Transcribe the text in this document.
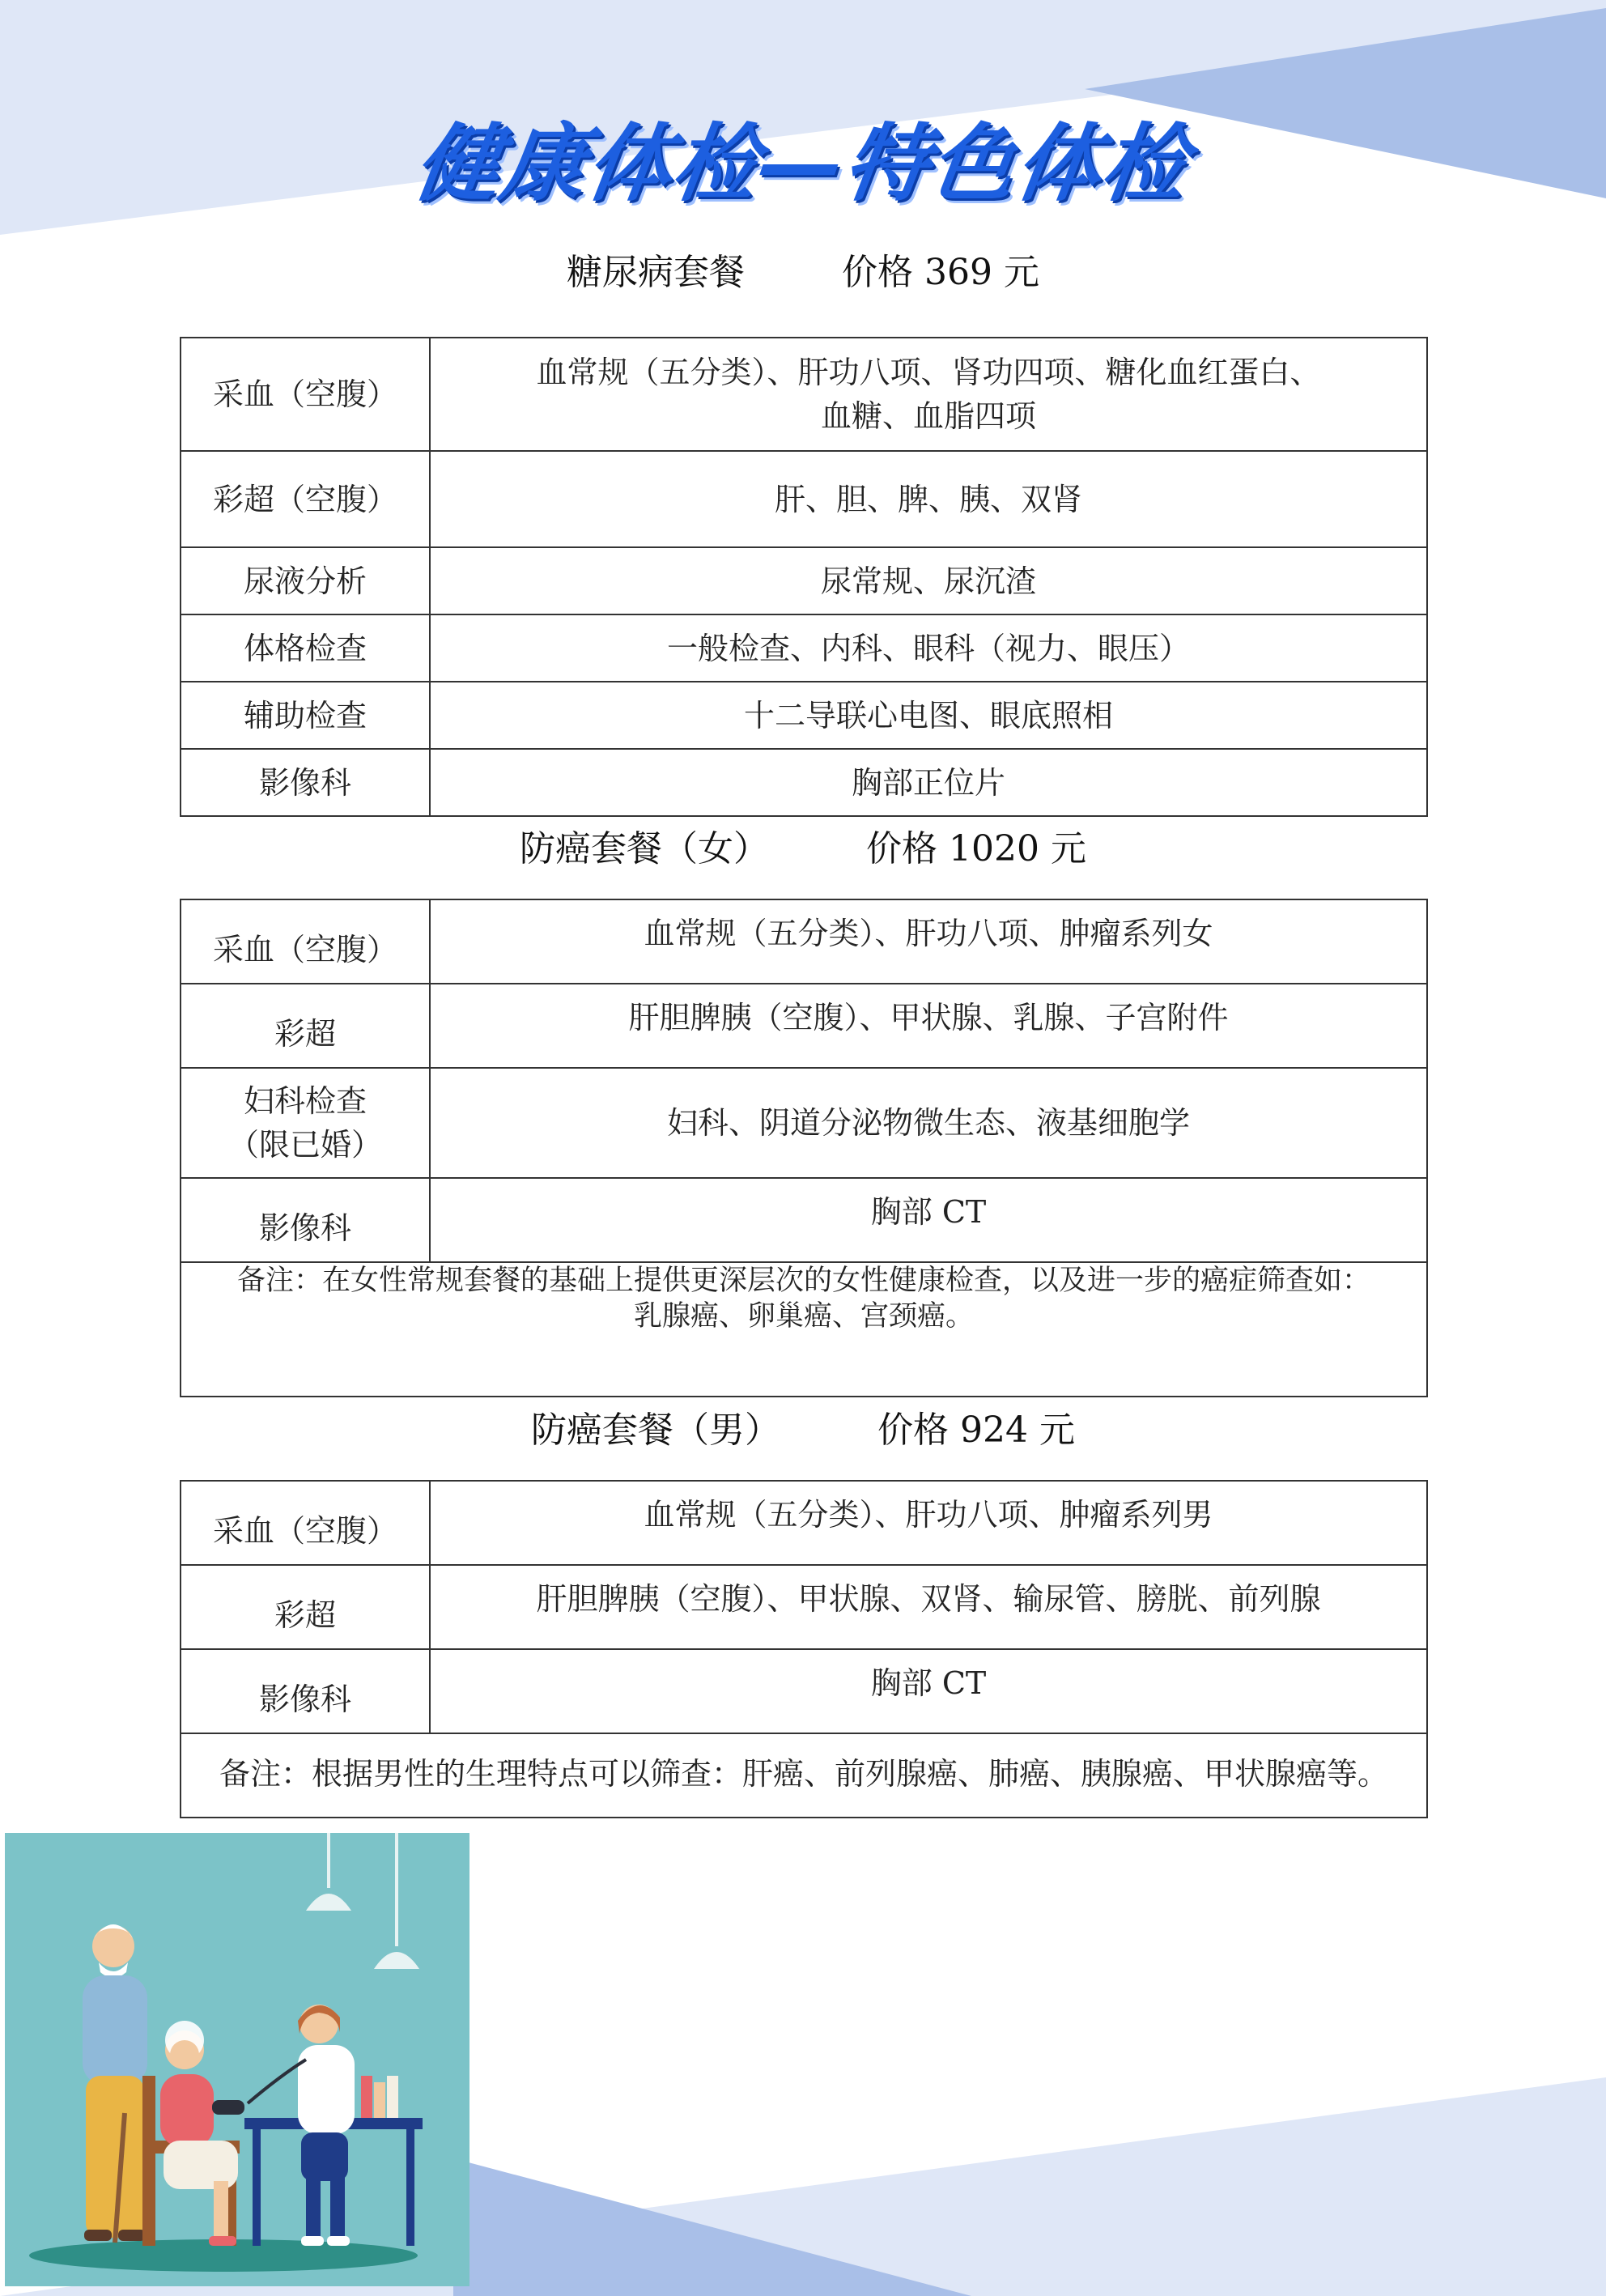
健康体检—特色体检
糖尿病套餐	价格 369 元
采血（空腹）	血常规（五分类）、肝功八项、肾功四项、糖化血红蛋白、
血糖、血脂四项

彩超（空腹）	肝、胆、脾、胰、双肾
尿液分析	尿常规、尿沉渣
体格检查	一般检查、内科、眼科（视力、眼压）
辅助检查	十二导联心电图、眼底照相
影像科	胸部正位片
防癌套餐（女）	价格 1020 元
采血（空腹）	血常规（五分类）、肝功八项、肿瘤系列女
彩超	肝胆脾胰（空腹）、甲状腺、乳腺、子宫附件

妇科检查
（限已婚）	妇科、阴道分泌物微生态、液基细胞学
影像科	胸部 CT

备注：在女性常规套餐的基础上提供更深层次的女性健康检查，以及进一步的癌症筛查如：
乳腺癌、卵巢癌、宫颈癌。	
防癌套餐（男）	价格 924 元
采血（空腹）	血常规（五分类）、肝功八项、肿瘤系列男
彩超	肝胆脾胰（空腹）、甲状腺、双肾、输尿管、膀胱、前列腺
影像科	胸部 CT
备注：根据男性的生理特点可以筛查：肝癌、前列腺癌、肺癌、胰腺癌、甲状腺癌等。	
